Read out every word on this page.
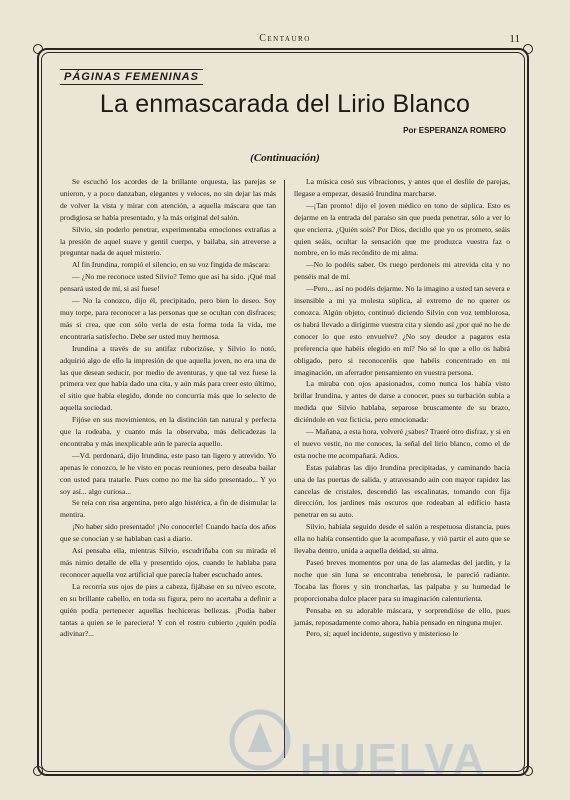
Centauro	11
PÁGINAS FEMENINAS
La enmascarada del Lirio Blanco
Por ESPERANZA ROMERO
(Continuación)

Se escuchó los acordes de la brillante orquesta, las parejas se unieron, y a poco danzaban, elegantes y veloces, no sin dejar las más de volver la vista y mirar con atención, a aquella máscara que tan prodigiosa se había presentado, y la más original del salón.

Silvio, sin poderlo penetrar, experimentaba emociones extrañas a la presión de aquel suave y gentil cuerpo, y bailaba, sin atreverse a preguntar nada de aquel misterio.

Al fin Irundina, rompió el silencio, en su voz fingida de máscara:

— ¿No me reconoce usted Silvio? Temo que así ha sido. ¡Qué mal pensará usted de mí, si así fuese!

— No la conozco, dijo él, precipitado, pero bien lo deseo. Soy muy torpe, para reconocer a las personas que se ocultan con disfraces; más si crea, que con sólo verla de esta forma toda la vida, me encontraría satisfecho. Debe ser usted muy hermosa.

Irundina a través de su antifaz ruborizóse, y Silvio lo notó, adquirió algo de ello la impresión de que aquella joven, no era una de las que desean seducir, por medio de aventuras, y que tal vez fuese la primera vez que había dado una cita, y aún más para creer esto último, el sitio que había elegido, donde no concurría más que lo selecto de aquella sociedad.

Fijóse en sus movimientos, en la distinción tan natural y perfecta que la rodeaba, y cuanto más la observaba, más delicadezas la encontraba y más inexplicable aún le parecía aquello.

—Vd. perdonará, dijo Irundina, este paso tan ligero y atrevido. Yo apenas le conozco, le he visto en pocas reuniones, pero deseaba bailar con usted para tratarle. Pues como no me ha sido presentado... Y yo soy así... algo curiosa...

Se reía con risa argentina, pero algo histérica, a fin de disimular la mentira.

¡No haber sido presentado! ¡No conocerle! Cuando hacía dos años que se conocían y se hablaban casi a diario.

Así pensaba ella, mientras Silvio, escudriñaba con su mirada el más nimio detalle de ella y presentido ojos, cuando le hablaba para reconocer aquella voz artificial que parecía haber escuchado antes.

La recorría sus ojos de pies a cabeza, fijábase en su níveo escote, en su brillante cabello, en toda su figura, pero no acertaba a definir a quién podía pertenecer aquellas hechiceras bellezas. ¡Podía haber tantas a quien se le pareciera! Y con el rostro cubierto ¿quién podía adivinar?...

La música cesó sus vibraciones, y antes que el desfile de parejas, llegase a empezar, desasió Irundina marcharse.

—¡Tan pronto! dijo el joven médico en tono de súplica. Esto es dejarme en la entrada del paraíso sin que pueda penetrar, sólo a ver lo que encierra. ¿Quién sois? Por Dios, decidlo que yo os prometo, seáis quien seáis, ocultar la sensación que me produzca vuestra faz o nombre, en lo más recóndito de mi alma.

—No lo podéis saber. Os ruego perdoneis mi atrevida cita y no penséis mal de mí.

—Pero... así no podéis dejarme. No la imagino a usted tan severa e insensible a mi ya molesta súplica, al extremo de no querer os conozca. Algún objeto, continuó diciendo Silvio con voz temblorosa, os habrá llevado a dirigirme vuestra cita y siendo así ¿por qué no he de conocer lo que esto envuelve? ¿No soy deudor a pagaros esta preferencia que habéis elegido en mí? No sé lo que a ello os habrá obligado, pero si reconoceréis que habéis concentrado en mi imaginación, un aferrador pensamiento en vuestra persona.

La miraba con ojos apasionados, como nunca los había visto brillar Irundina, y antes de darse a conocer, pues su turbación subía a medida que Silvio hablaba, separose bruscamente de su brazo, diciéndole en voz ficticia, pero emocionada:

— Mañana, a esta hora, volveré ¿sabes? Traeré otro disfraz, y si en el nuevo vestir, no me conoces, la señal del lirio blanco, como el de esta noche me acompañará. Adios.

Estas palabras las dijo Irundina precipitadas, y caminando hacia una de las puertas de salida, y atravesando aún con mayor rapidez las cancelas de cristales, descendió las escalinatas, tomando con fija dirección, los jardines más oscuros que rodeaban al edificio hasta penetrar en su auto.

Silvio, habíala seguido desde el salón a respetuosa distancia, pues ella no había consentido que la acompañase, y vió partir el auto que se llevaba dentro, unida a aquella deidad, su alma.

Paseó breves momentos por una de las alamedas del jardín, y la noche que sin luna se encontraba tenebrosa, le pareció radiante. Tocaba las flores y sin troncharlas, las palpaba y su humedad le proporcionaba dulce placer para su imaginación calenturienta.

Pensaba en su adorable máscara, y sorprendióse de ello, pues jamás, reposadamente como ahora, había pensado en ninguna mujer.

Pero, sí; aquel incidente, sugestivo y misterioso le

HUELVA
